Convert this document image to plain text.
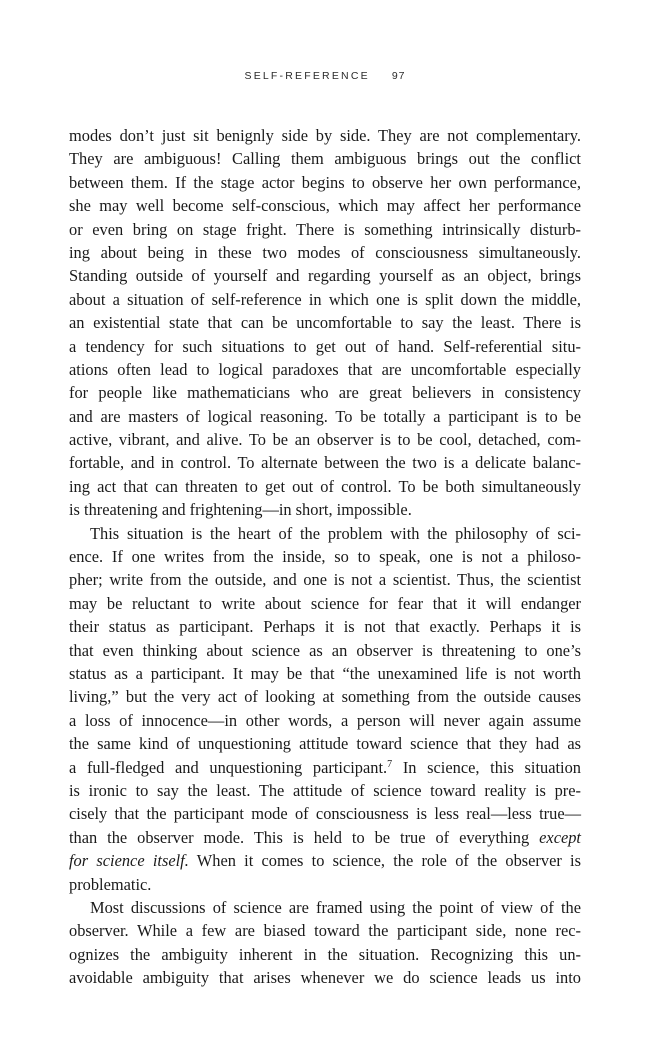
SELF-REFERENCE 97
modes don’t just sit benignly side by side. They are not complementary.
They are ambiguous! Calling them ambiguous brings out the conflict
between them. If the stage actor begins to observe her own performance,
she may well become self-conscious, which may affect her performance
or even bring on stage fright. There is something intrinsically disturb-
ing about being in these two modes of consciousness simultaneously.
Standing outside of yourself and regarding yourself as an object, brings
about a situation of self-reference in which one is split down the middle,
an existential state that can be uncomfortable to say the least. There is
a tendency for such situations to get out of hand. Self-referential situ-
ations often lead to logical paradoxes that are uncomfortable especially
for people like mathematicians who are great believers in consistency
and are masters of logical reasoning. To be totally a participant is to be
active, vibrant, and alive. To be an observer is to be cool, detached, com-
fortable, and in control. To alternate between the two is a delicate balanc-
ing act that can threaten to get out of control. To be both simultaneously
is threatening and frightening—in short, impossible.
This situation is the heart of the problem with the philosophy of sci-
ence. If one writes from the inside, so to speak, one is not a philoso-
pher; write from the outside, and one is not a scientist. Thus, the scientist
may be reluctant to write about science for fear that it will endanger
their status as participant. Perhaps it is not that exactly. Perhaps it is
that even thinking about science as an observer is threatening to one’s
status as a participant. It may be that “the unexamined life is not worth
living,” but the very act of looking at something from the outside causes
a loss of innocence—in other words, a person will never again assume
the same kind of unquestioning attitude toward science that they had as
a full-fledged and unquestioning participant.$^7$ In science, this situation
is ironic to say the least. The attitude of science toward reality is pre-
cisely that the participant mode of consciousness is less real—less true—
than the observer mode. This is held to be true of everything except
for science itself. When it comes to science, the role of the observer is
problematic.
Most discussions of science are framed using the point of view of the
observer. While a few are biased toward the participant side, none rec-
ognizes the ambiguity inherent in the situation. Recognizing this un-
avoidable ambiguity that arises whenever we do science leads us into
